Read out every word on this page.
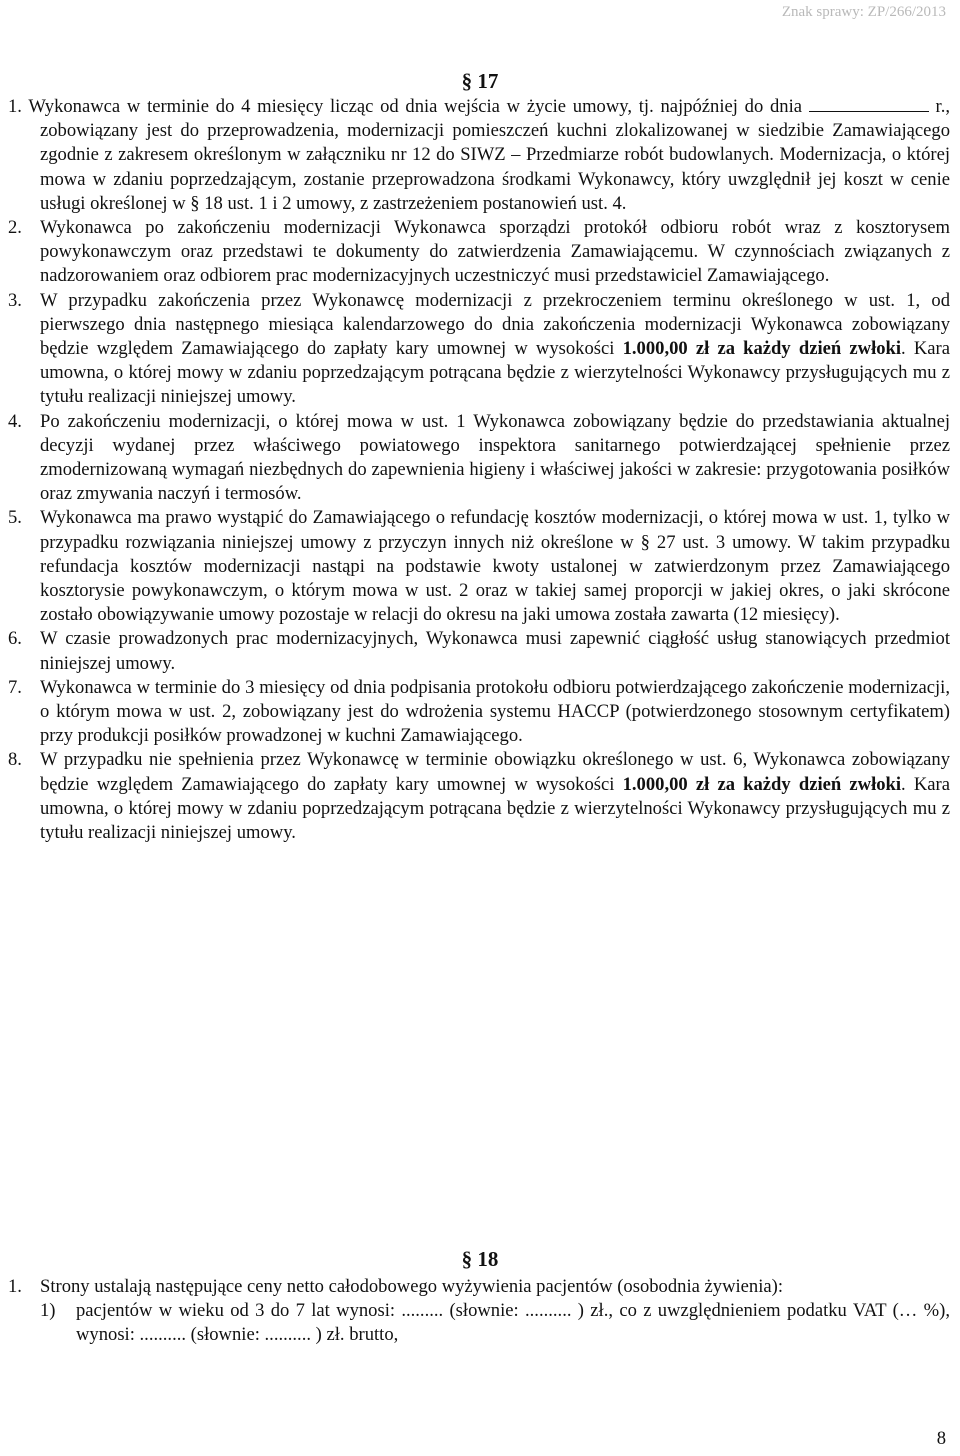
Znak sprawy: ZP/266/2013
§ 17
1. Wykonawca w terminie do 4 miesięcy licząc od dnia wejścia w życie umowy, tj. najpóźniej do dnia	r., zobowiązany jest do przeprowadzenia, modernizacji pomieszczeń kuchni zlokalizowanej w siedzibie Zamawiającego zgodnie z zakresem określonym w załączniku nr 12 do SIWZ – Przedmiarze robót budowlanych. Modernizacja, o której mowa w zdaniu poprzedzającym, zostanie przeprowadzona środkami Wykonawcy, który uwzględnił jej koszt w cenie usługi określonej w § 18 ust. 1 i 2 umowy, z zastrzeżeniem postanowień ust. 4.
2. Wykonawca po zakończeniu modernizacji Wykonawca sporządzi protokół odbioru robót wraz z kosztorysem powykonawczym oraz przedstawi te dokumenty do zatwierdzenia Zamawiającemu. W czynnościach związanych z nadzorowaniem oraz odbiorem prac modernizacyjnych uczestniczyć musi przedstawiciel Zamawiającego.
3. W przypadku zakończenia przez Wykonawcę modernizacji z przekroczeniem terminu określonego w ust. 1, od pierwszego dnia następnego miesiąca kalendarzowego do dnia zakończenia modernizacji Wykonawca zobowiązany będzie względem Zamawiającego do zapłaty kary umownej w wysokości 1.000,00 zł za każdy dzień zwłoki. Kara umowna, o której mowy w zdaniu poprzedzającym potrącana będzie z wierzytelności Wykonawcy przysługujących mu z tytułu realizacji niniejszej umowy.
4. Po zakończeniu modernizacji, o której mowa w ust. 1 Wykonawca zobowiązany będzie do przedstawiania aktualnej decyzji wydanej przez właściwego powiatowego inspektora sanitarnego potwierdzającej spełnienie przez zmodernizowaną wymagań niezbędnych do zapewnienia higieny i właściwej jakości w zakresie: przygotowania posiłków oraz zmywania naczyń i termosów.
5. Wykonawca ma prawo wystąpić do Zamawiającego o refundację kosztów modernizacji, o której mowa w ust. 1, tylko w przypadku rozwiązania niniejszej umowy z przyczyn innych niż określone w § 27 ust. 3 umowy. W takim przypadku refundacja kosztów modernizacji nastąpi na podstawie kwoty ustalonej w zatwierdzonym przez Zamawiającego kosztorysie powykonawczym, o którym mowa w ust. 2 oraz w takiej samej proporcji w jakiej okres, o jaki skrócone zostało obowiązywanie umowy pozostaje w relacji do okresu na jaki umowa została zawarta (12 miesięcy).
6. W czasie prowadzonych prac modernizacyjnych, Wykonawca musi zapewnić ciągłość usług stanowiących przedmiot niniejszej umowy.
7. Wykonawca w terminie do 3 miesięcy od dnia podpisania protokołu odbioru potwierdzającego zakończenie modernizacji, o którym mowa w ust. 2, zobowiązany jest do wdrożenia systemu HACCP (potwierdzonego stosownym certyfikatem) przy produkcji posiłków prowadzonej w kuchni Zamawiającego.
8. W przypadku nie spełnienia przez Wykonawcę w terminie obowiązku określonego w ust. 6, Wykonawca zobowiązany będzie względem Zamawiającego do zapłaty kary umownej w wysokości 1.000,00 zł za każdy dzień zwłoki. Kara umowna, o której mowy w zdaniu poprzedzającym potrącana będzie z wierzytelności Wykonawcy przysługujących mu z tytułu realizacji niniejszej umowy.
§ 18
1. Strony ustalają następujące ceny netto całodobowego wyżywienia pacjentów (osobodnia żywienia):
1) pacjentów w wieku od 3 do 7 lat wynosi: ......... (słownie: .......... ) zł., co z uwzględnieniem podatku VAT (… %), wynosi: .......... (słownie: .......... ) zł. brutto,
8
